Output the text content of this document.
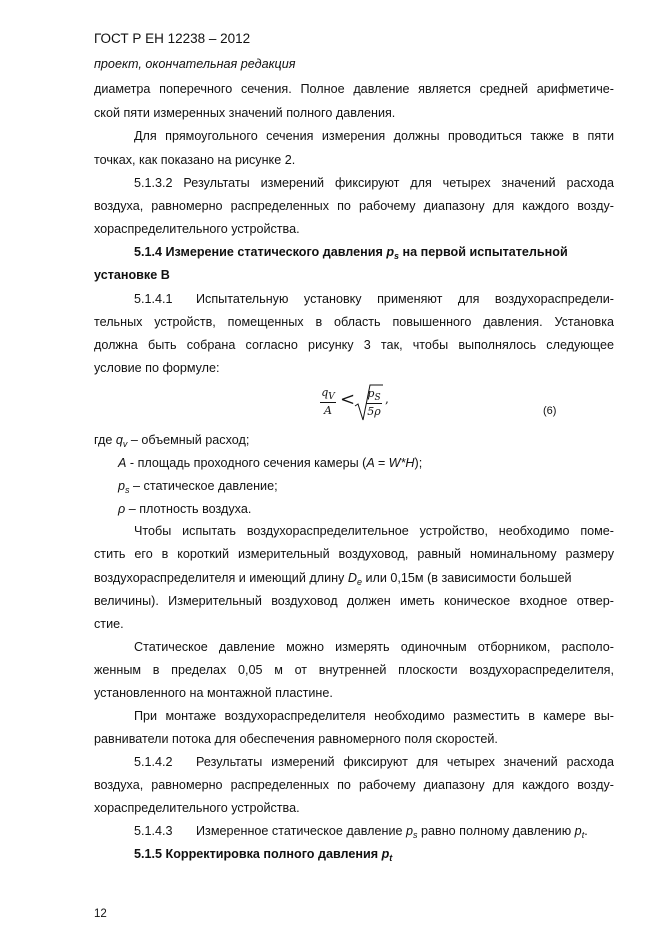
ГОСТ Р ЕН 12238 – 2012
проект, окончательная редакция
диаметра поперечного сечения. Полное давление является средней арифметиче-
ской пяти измеренных значений полного давления.
Для прямоугольного сечения измерения должны проводиться также в пяти
точках, как показано на рисунке 2.
5.1.3.2 Результаты измерений фиксируют для четырех значений расхода
воздуха, равномерно распределенных по рабочему диапазону для каждого возду-
хораспределительного устройства.
5.1.4 Измерение статического давления $p_s$ на первой испытательной
установке В
5.1.4.1 Испытательную установку применяют для воздухораспредели-
тельных устройств, помещенных в область повышенного давления. Установка
должна быть собрана согласно рисунку 3 так, чтобы выполнялось следующее
условие по формуле:
$q_V$
A
< $p_S$
5ρ
,
(6)
где $q_v$ – объемный расход;
A - площадь проходного сечения камеры (A = W*H);
$p_s$ – статическое давление;
ρ – плотность воздуха.
Чтобы испытать воздухораспределительное устройство, необходимо поме-
стить его в короткий измерительный воздуховод, равный номинальному размеру
воздухораспределителя и имеющий длину $D_e$ или 0,15м (в зависимости большей
величины). Измерительный воздуховод должен иметь коническое входное отвер-
стие.
Статическое давление можно измерять одиночным отборником, располо-
женным в пределах 0,05 м от внутренней плоскости воздухораспределителя,
установленного на монтажной пластине.
При монтаже воздухораспределителя необходимо разместить в камере вы-
равниватели потока для обеспечения равномерного поля скоростей.
5.1.4.2 Результаты измерений фиксируют для четырех значений расхода
воздуха, равномерно распределенных по рабочему диапазону для каждого возду-
хораспределительного устройства.
5.1.4.3 Измеренное статическое давление $p_s$ равно полному давлению $p_t$.
5.1.5 Корректировка полного давления $p_t$
12
